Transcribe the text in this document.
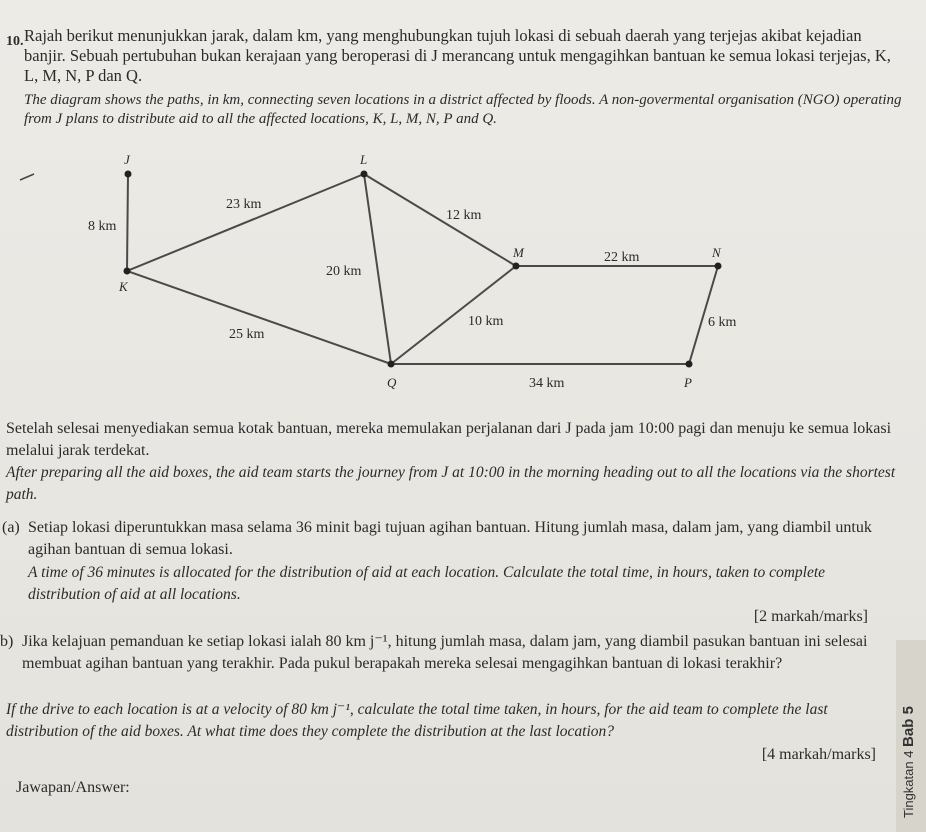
10. Rajah berikut menunjukkan jarak, dalam km, yang menghubungkan tujuh lokasi di sebuah daerah yang terjejas akibat kejadian banjir. Sebuah pertubuhan bukan kerajaan yang beroperasi di J merancang untuk mengagihkan bantuan ke semua lokasi terjejas, K, L, M, N, P dan Q.
The diagram shows the paths, in km, connecting seven locations in a district affected by floods. A non-govermental organisation (NGO) operating from J plans to distribute aid to all the affected locations, K, L, M, N, P and Q.
J
K
L
M	N
P
Q
8 km
23 km
12 km
25 km
20 km
10 km
22 km
6 km
34 km
Setelah selesai menyediakan semua kotak bantuan, mereka memulakan perjalanan dari J pada jam 10:00 pagi dan menuju ke semua lokasi melalui jarak terdekat.
After preparing all the aid boxes, the aid team starts the journey from J at 10:00 in the morning heading out to all the locations via the shortest path.
(a) Setiap lokasi diperuntukkan masa selama 36 minit bagi tujuan agihan bantuan. Hitung jumlah masa, dalam jam, yang diambil untuk agihan bantuan di semua lokasi.
A time of 36 minutes is allocated for the distribution of aid at each location. Calculate the total time, in hours, taken to complete distribution of aid at all locations.
[2 markah/marks]
b) Jika kelajuan pemanduan ke setiap lokasi ialah 80 km j⁻¹, hitung jumlah masa, dalam jam, yang diambil pasukan bantuan ini selesai membuat agihan bantuan yang terakhir. Pada pukul berapakah mereka selesai mengagihkan bantuan di lokasi terakhir?
If the drive to each location is at a velocity of 80 km j⁻¹, calculate the total time taken, in hours, for the aid team to complete the last distribution of the aid boxes. At what time does they complete the distribution at the last location?
[4 markah/marks]
Jawapan/Answer:	Tingkatan 4 Bab 5
